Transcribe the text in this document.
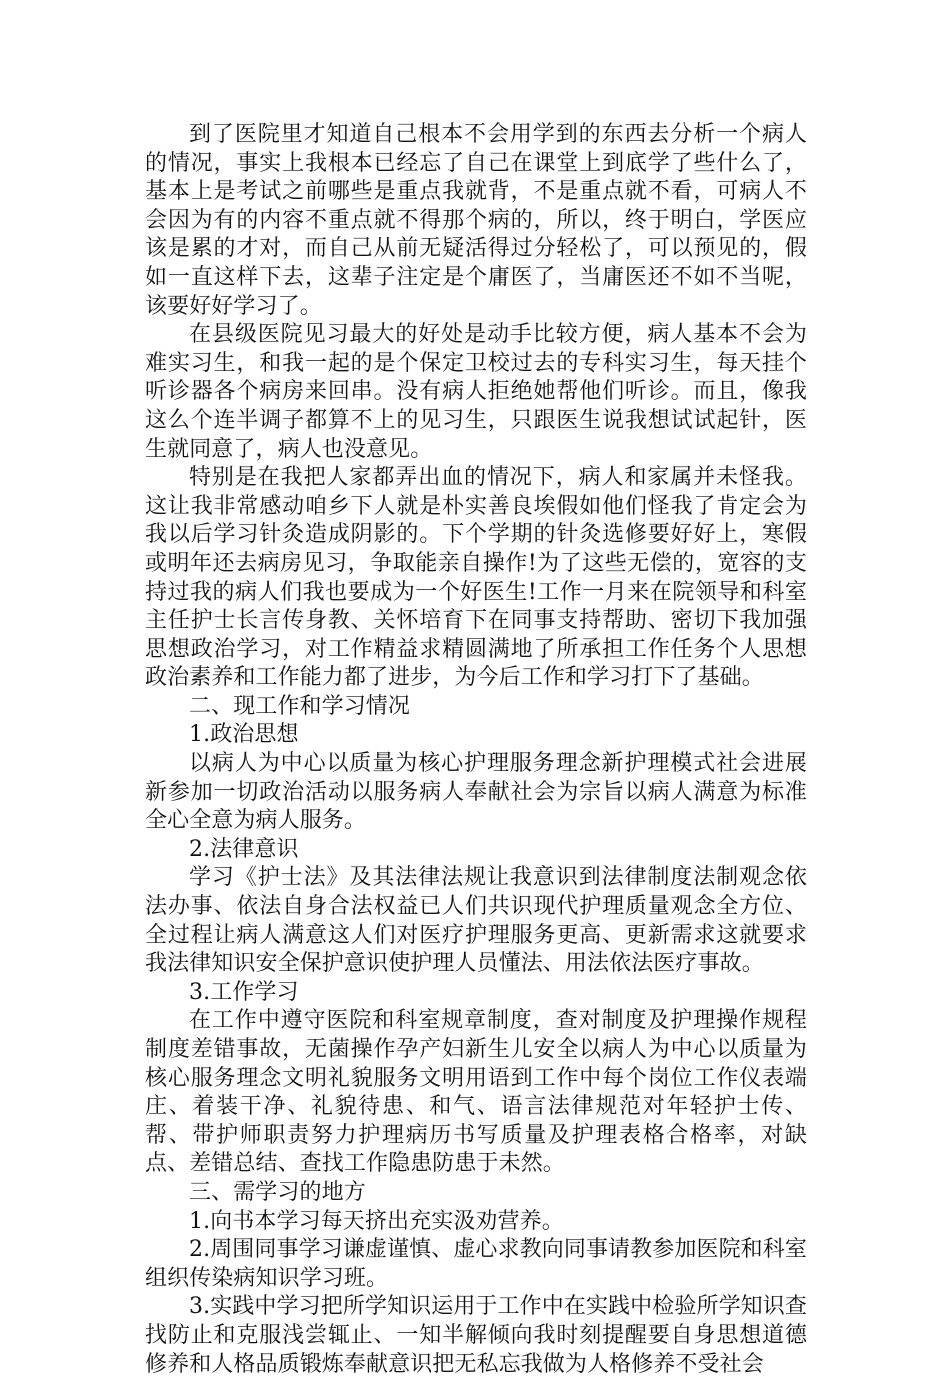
到了医院里才知道自己根本不会用学到的东西去分析一个病人的情况，事实上我根本已经忘了自己在课堂上到底学了些什么了，基本上是考试之前哪些是重点我就背，不是重点就不看，可病人不会因为有的内容不重点就不得那个病的，所以，终于明白，学医应该是累的才对，而自己从前无疑活得过分轻松了，可以预见的，假如一直这样下去，这辈子注定是个庸医了，当庸医还不如不当呢，该要好好学习了。

在县级医院见习最大的好处是动手比较方便，病人基本不会为难实习生，和我一起的是个保定卫校过去的专科实习生，每天挂个听诊器各个病房来回串。没有病人拒绝她帮他们听诊。而且，像我这么个连半调子都算不上的见习生，只跟医生说我想试试起针，医生就同意了，病人也没意见。

特别是在我把人家都弄出血的情况下，病人和家属并未怪我。这让我非常感动咱乡下人就是朴实善良埃假如他们怪我了肯定会为我以后学习针灸造成阴影的。下个学期的针灸选修要好好上，寒假或明年还去病房见习，争取能亲自操作!为了这些无偿的，宽容的支持过我的病人们我也要成为一个好医生!工作一月来在院领导和科室主任护士长言传身教、关怀培育下在同事支持帮助、密切下我加强思想政治学习，对工作精益求精圆满地了所承担工作任务个人思想政治素养和工作能力都了进步，为今后工作和学习打下了基础。

二、现工作和学习情况

1.政治思想

以病人为中心以质量为核心护理服务理念新护理模式社会进展新参加一切政治活动以服务病人奉献社会为宗旨以病人满意为标准全心全意为病人服务。

2.法律意识

学习《护士法》及其法律法规让我意识到法律制度法制观念依法办事、依法自身合法权益已人们共识现代护理质量观念全方位、全过程让病人满意这人们对医疗护理服务更高、更新需求这就要求我法律知识安全保护意识使护理人员懂法、用法依法医疗事故。

3.工作学习

在工作中遵守医院和科室规章制度，查对制度及护理操作规程制度差错事故，无菌操作孕产妇新生儿安全以病人为中心以质量为核心服务理念文明礼貌服务文明用语到工作中每个岗位工作仪表端庄、着装干净、礼貌待患、和气、语言法律规范对年轻护士传、帮、带护师职责努力护理病历书写质量及护理表格合格率，对缺点、差错总结、查找工作隐患防患于未然。

三、需学习的地方

1.向书本学习每天挤出充实汲劝营养。

2.周围同事学习谦虚谨慎、虚心求教向同事请教参加医院和科室组织传染病知识学习班。

3.实践中学习把所学知识运用于工作中在实践中检验所学知识查找防止和克服浅尝辄止、一知半解倾向我时刻提醒要自身思想道德修养和人格品质锻炼奉献意识把无私忘我做为人格修养不受社会
